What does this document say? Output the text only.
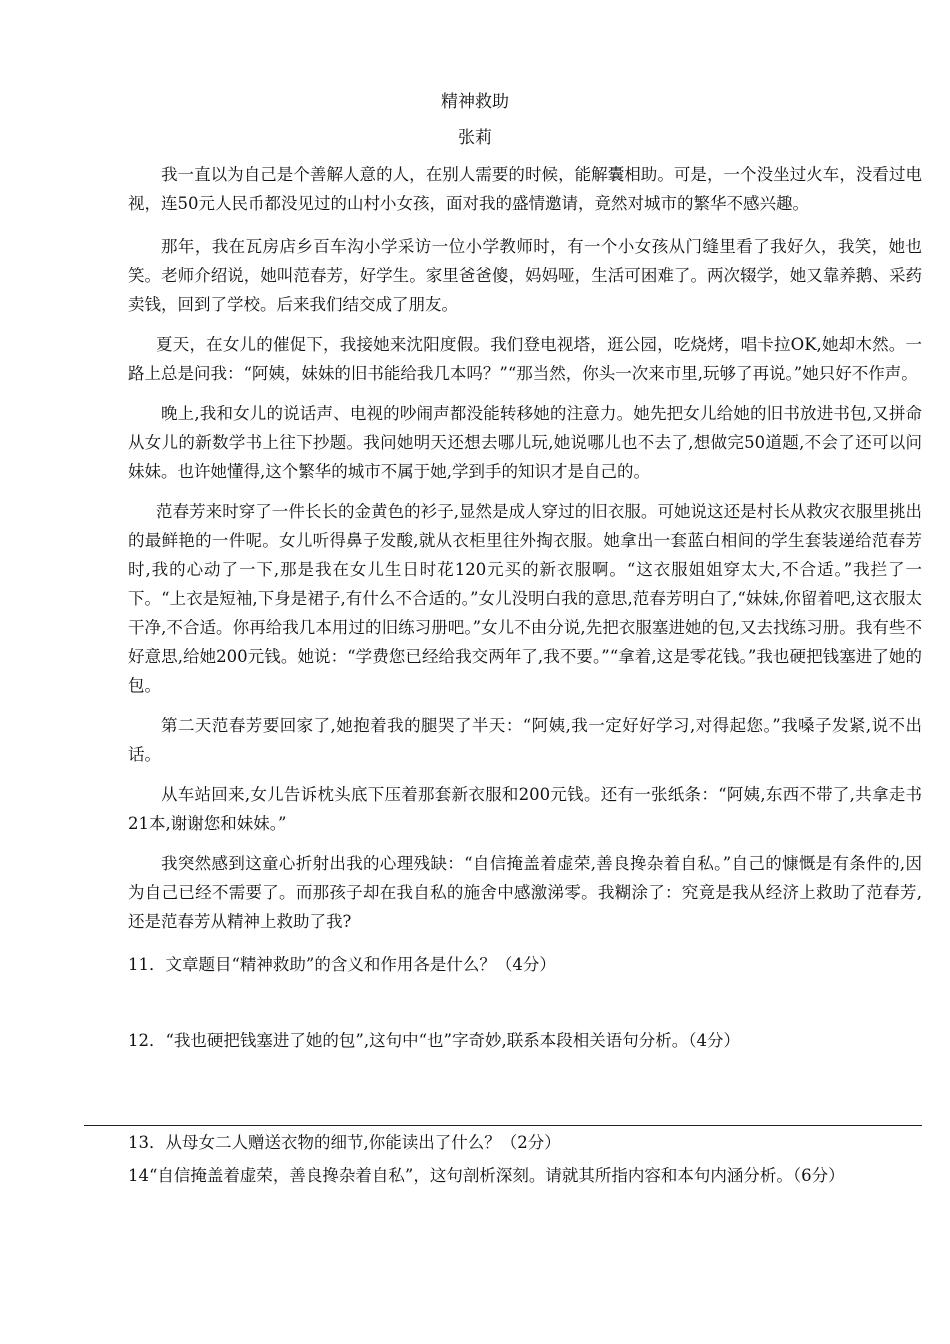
精神救助
张莉

我一直以为自己是个善解人意的人，在别人需要的时候，能解囊相助。可是，一个没坐过火车，没看过电视，连50元人民币都没见过的山村小女孩，面对我的盛情邀请，竟然对城市的繁华不感兴趣。

那年，我在瓦房店乡百车沟小学采访一位小学教师时，有一个小女孩从门缝里看了我好久，我笑，她也笑。老师介绍说，她叫范春芳，好学生。家里爸爸傻，妈妈哑，生活可困难了。两次辍学，她又靠养鹅、采药卖钱，回到了学校。后来我们结交成了朋友。

夏天，在女儿的催促下，我接她来沈阳度假。我们登电视塔，逛公园，吃烧烤，唱卡拉OK,她却木然。一路上总是问我：“阿姨，妹妹的旧书能给我几本吗？”“那当然，你头一次来市里,玩够了再说。”她只好不作声。

晚上,我和女儿的说话声、电视的吵闹声都没能转移她的注意力。她先把女儿给她的旧书放进书包,又拼命从女儿的新数学书上往下抄题。我问她明天还想去哪儿玩,她说哪儿也不去了,想做完50道题,不会了还可以问妹妹。也许她懂得,这个繁华的城市不属于她,学到手的知识才是自己的。

范春芳来时穿了一件长长的金黄色的衫子,显然是成人穿过的旧衣服。可她说这还是村长从救灾衣服里挑出的最鲜艳的一件呢。女儿听得鼻子发酸,就从衣柜里往外掏衣服。她拿出一套蓝白相间的学生套装递给范春芳时,我的心动了一下,那是我在女儿生日时花120元买的新衣服啊。“这衣服姐姐穿太大,不合适。”我拦了一下。“上衣是短袖,下身是裙子,有什么不合适的。”女儿没明白我的意思,范春芳明白了,“妹妹,你留着吧,这衣服太干净,不合适。你再给我几本用过的旧练习册吧。”女儿不由分说,先把衣服塞进她的包,又去找练习册。我有些不好意思,给她200元钱。她说：“学费您已经给我交两年了,我不要。”“拿着,这是零花钱。”我也硬把钱塞进了她的包。

第二天范春芳要回家了,她抱着我的腿哭了半天：“阿姨,我一定好好学习,对得起您。”我嗓子发紧,说不出话。

从车站回来,女儿告诉枕头底下压着那套新衣服和200元钱。还有一张纸条：“阿姨,东西不带了,共拿走书21本,谢谢您和妹妹。”

我突然感到这童心折射出我的心理残缺：“自信掩盖着虚荣,善良搀杂着自私。”自己的慷慨是有条件的,因为自己已经不需要了。而那孩子却在我自私的施舍中感激涕零。我糊涂了：究竟是我从经济上救助了范春芳,还是范春芳从精神上救助了我?

11．文章题目“精神救助”的含义和作用各是什么？（4分）

12．“我也硬把钱塞进了她的包”,这句中“也”字奇妙,联系本段相关语句分析。（4分）

13．从母女二人赠送衣物的细节,你能读出了什么？（2分）

14“自信掩盖着虚荣，善良搀杂着自私”，这句剖析深刻。请就其所指内容和本句内涵分析。（6分）
